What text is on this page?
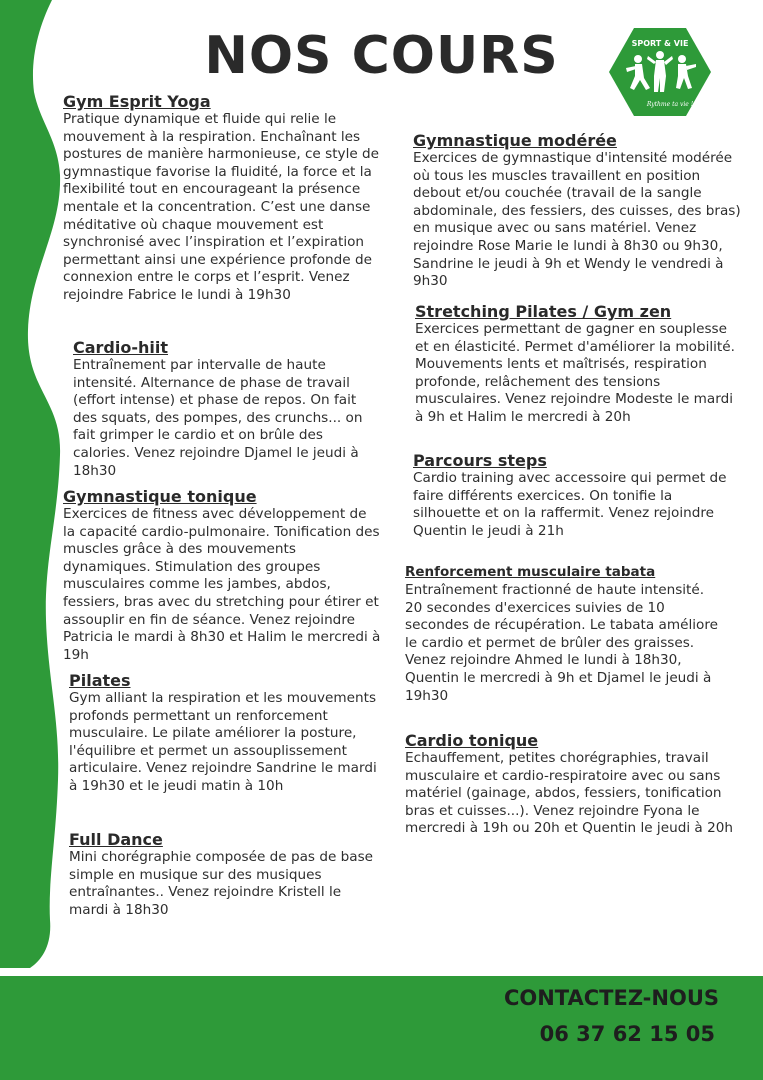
NOS COURS	SPORT & VIE
Rythme ta vie !
Gym Esprit Yoga

Pratique dynamique et fluide qui relie le mouvement à la respiration. Enchaînant les postures de manière harmonieuse, ce style de gymnastique favorise la fluidité, la force et la flexibilité tout en encourageant la présence mentale et la concentration. C’est une danse méditative où chaque mouvement est synchronisé avec l’inspiration et l’expiration permettant ainsi une expérience profonde de connexion entre le corps et l’esprit. Venez rejoindre Fabrice le lundi à 19h30

Cardio-hiit

Entraînement par intervalle de haute intensité. Alternance de phase de travail (effort intense) et phase de repos. On fait des squats, des pompes, des crunchs... on fait grimper le cardio et on brûle des calories. Venez rejoindre Djamel le jeudi à 18h30

Gymnastique tonique

Exercices de fitness avec développement de la capacité cardio-pulmonaire. Tonification des muscles grâce à des mouvements dynamiques. Stimulation des groupes musculaires comme les jambes, abdos, fessiers, bras avec du stretching pour étirer et assouplir en fin de séance. Venez rejoindre Patricia le mardi à 8h30 et Halim le mercredi à 19h

Pilates

Gym alliant la respiration et les mouvements profonds permettant un renforcement musculaire. Le pilate améliorer la posture, l'équilibre et permet un assouplissement articulaire. Venez rejoindre Sandrine le mardi à 19h30 et le jeudi matin à 10h

Full Dance

Mini chorégraphie composée de pas de base simple en musique sur des musiques entraînantes.. Venez rejoindre Kristell le mardi à 18h30

Gymnastique modérée

Exercices de gymnastique d'intensité modérée où tous les muscles travaillent en position debout et/ou couchée (travail de la sangle abdominale, des fessiers, des cuisses, des bras) en musique avec ou sans matériel. Venez rejoindre Rose Marie le lundi à 8h30 ou 9h30, Sandrine le jeudi à 9h et Wendy le vendredi à 9h30

Stretching Pilates / Gym zen

Exercices permettant de gagner en souplesse et en élasticité. Permet d'améliorer la mobilité. Mouvements lents et maîtrisés, respiration profonde, relâchement des tensions musculaires. Venez rejoindre Modeste le mardi à 9h et Halim le mercredi à 20h

Parcours steps

Cardio training avec accessoire qui permet de faire différents exercices. On tonifie la silhouette et on la raffermit. Venez rejoindre Quentin le jeudi à 21h

Renforcement musculaire tabata

Entraînement fractionné de haute intensité. 20 secondes d'exercices suivies de 10 secondes de récupération. Le tabata améliore le cardio et permet de brûler des graisses. Venez rejoindre Ahmed le lundi à 18h30, Quentin le mercredi à 9h et Djamel le jeudi à 19h30

Cardio tonique

Echauffement, petites chorégraphies, travail musculaire et cardio-respiratoire avec ou sans matériel (gainage, abdos, fessiers, tonification bras et cuisses...). Venez rejoindre Fyona le mercredi à 19h ou 20h et Quentin le jeudi à 20h

CONTACTEZ-NOUS
06 37 62 15 05
